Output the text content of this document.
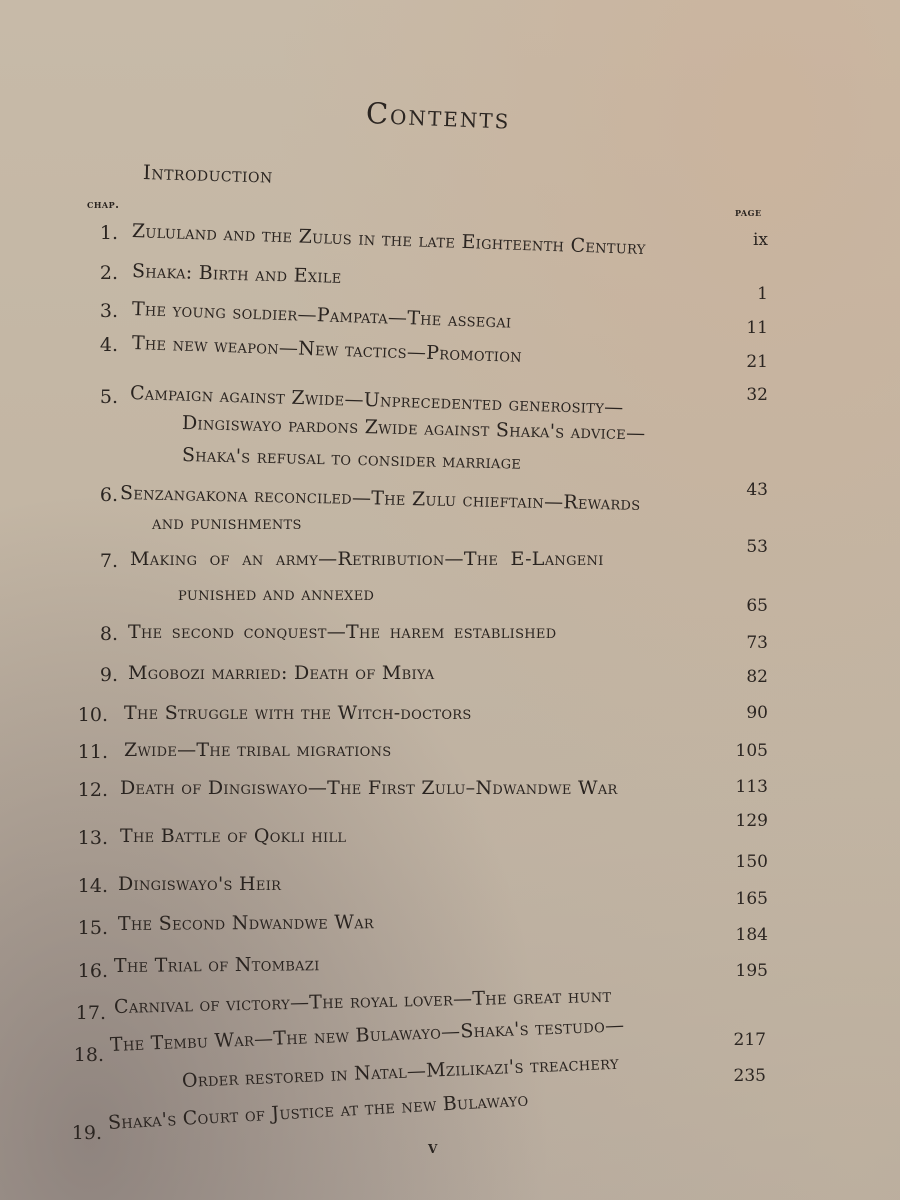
Contents
Introduction
chap.
page
1. Zululand and the Zulus in the late Eighteenth Century
2. Shaka: Birth and Exile
3. The young soldier—Pampata—The assegai
4. The new weapon—New tactics—Promotion
5. Campaign against Zwide—Unprecedented generosity—
Dingiswayo pardons Zwide against Shaka's advice—
Shaka's refusal to consider marriage
6. Senzangakona reconciled—The Zulu chieftain—Rewards
and punishments
7. Making of an army—Retribution—The E-Langeni
punished and annexed
8. The second conquest—The harem established
9. Mgobozi married: Death of Mbiya
10. The Struggle with the Witch-doctors
11. Zwide—The tribal migrations
12. Death of Dingiswayo—The First Zulu–Ndwandwe War
13. The Battle of Qokli hill
14. Dingiswayo's Heir
15. The Second Ndwandwe War
16. The Trial of Ntombazi
17. Carnival of victory—The royal lover—The great hunt
18. The Tembu War—The new Bulawayo—Shaka's testudo—
Order restored in Natal—Mzilikazi's treachery
19. Shaka's Court of Justice at the new Bulawayo
ix
1
11
21
32
43
53
65
73
82
90
105
113
129
150
165
184
195
217
235
v
